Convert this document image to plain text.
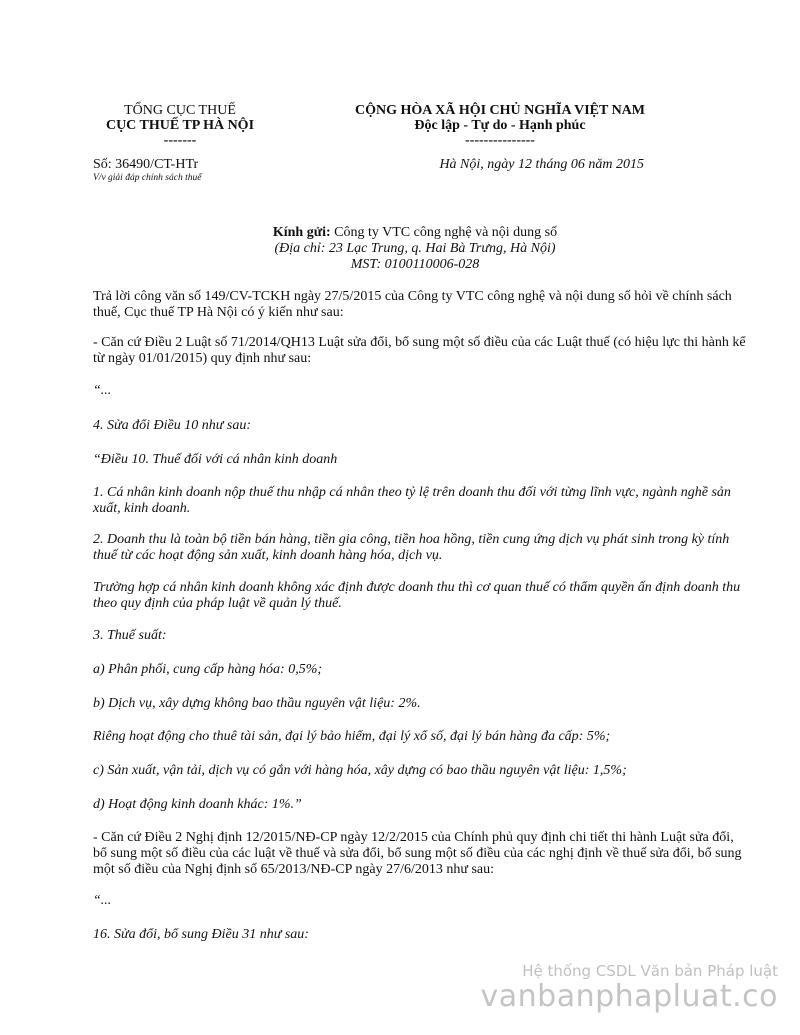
TỔNG CỤC THUẾ
CỤC THUẾ TP HÀ NỘI
-------
CỘNG HÒA XÃ HỘI CHỦ NGHĨA VIỆT NAM
Độc lập - Tự do - Hạnh phúc
---------------
Số: 36490/CT-HTr
V/v giải đáp chính sách thuế
Hà Nội, ngày 12 tháng 06 năm 2015
Kính gửi: Công ty VTC công nghệ và nội dung số
(Địa chỉ: 23 Lạc Trung, q. Hai Bà Trưng, Hà Nội)
MST: 0100110006-028
Trả lời công văn số 149/CV-TCKH ngày 27/5/2015 của Công ty VTC công nghệ và nội dung số hỏi về chính sách
thuế, Cục thuế TP Hà Nội có ý kiến như sau:
- Căn cứ Điều 2 Luật số 71/2014/QH13 Luật sửa đổi, bổ sung một số điều của các Luật thuế (có hiệu lực thi hành kể
từ ngày 01/01/2015) quy định như sau:
“...
4. Sửa đổi Điều 10 như sau:
“Điều 10. Thuế đối với cá nhân kinh doanh
1. Cá nhân kinh doanh nộp thuế thu nhập cá nhân theo tỷ lệ trên doanh thu đối với từng lĩnh vực, ngành nghề sản
xuất, kinh doanh.
2. Doanh thu là toàn bộ tiền bán hàng, tiền gia công, tiền hoa hồng, tiền cung ứng dịch vụ phát sinh trong kỳ tính
thuế từ các hoạt động sản xuất, kinh doanh hàng hóa, dịch vụ.
Trường hợp cá nhân kinh doanh không xác định được doanh thu thì cơ quan thuế có thẩm quyền ấn định doanh thu
theo quy định của pháp luật về quản lý thuế.
3. Thuế suất:
a) Phân phối, cung cấp hàng hóa: 0,5%;
b) Dịch vụ, xây dựng không bao thầu nguyên vật liệu: 2%.
Riêng hoạt động cho thuê tài sản, đại lý bảo hiểm, đại lý xổ số, đại lý bán hàng đa cấp: 5%;
c) Sản xuất, vận tải, dịch vụ có gắn với hàng hóa, xây dựng có bao thầu nguyên vật liệu: 1,5%;
d) Hoạt động kinh doanh khác: 1%.”
- Căn cứ Điều 2 Nghị định 12/2015/NĐ-CP ngày 12/2/2015 của Chính phủ quy định chi tiết thi hành Luật sửa đổi,
bổ sung một số điều của các luật về thuế và sửa đổi, bổ sung một số điều của các nghị định về thuế sửa đổi, bổ sung
một số điều của Nghị định số 65/2013/NĐ-CP ngày 27/6/2013 như sau:
“...
16. Sửa đổi, bổ sung Điều 31 như sau:
Hệ thống CSDL Văn bản Pháp luật
vanbanphapluat.co
